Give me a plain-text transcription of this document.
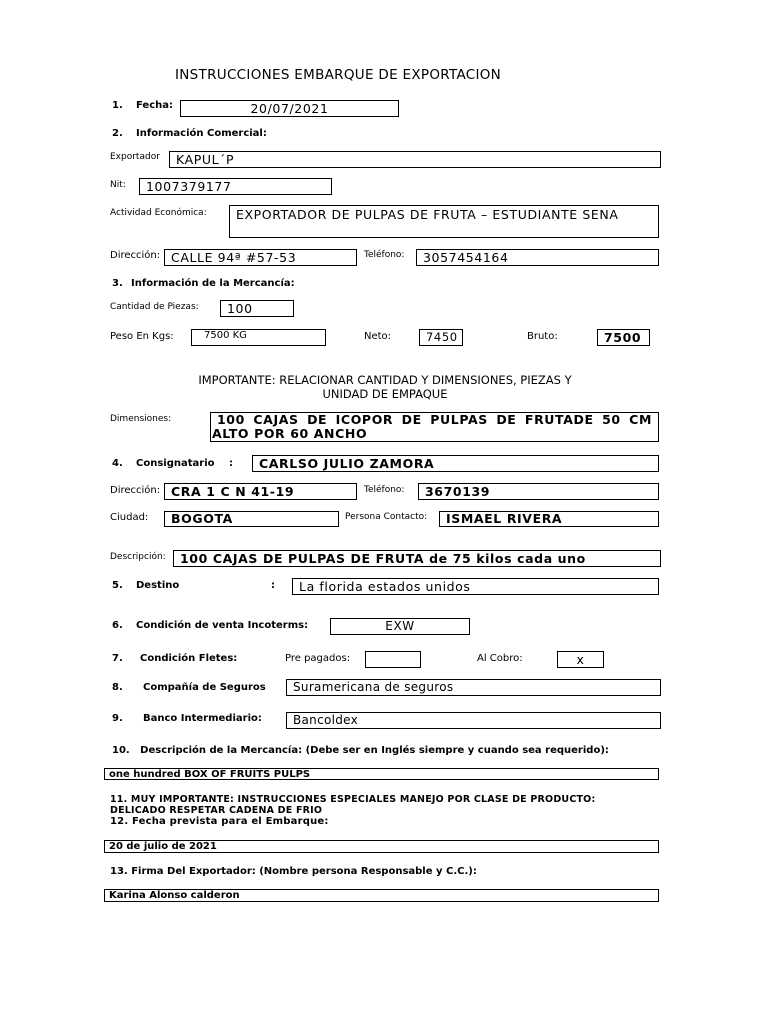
INSTRUCCIONES EMBARQUE DE EXPORTACION
1. Fecha:	20/07/2021
2. Información Comercial:
Exportador	KAPUL´P
Nit:	1007379177
Actividad Económica:	EXPORTADOR DE PULPAS DE FRUTA – ESTUDIANTE SENA
Dirección: CALLE 94ª #57-53	Teléfono:	3057454164
3. Información de la Mercancía:
Cantidad de Piezas:	100
Peso En Kgs:	7500 KG	Neto:	7450	Bruto:	7500
IMPORTANTE: RELACIONAR CANTIDAD Y DIMENSIONES, PIEZAS Y
UNIDAD DE EMPAQUE
Dimensiones:	100 CAJAS DE ICOPOR DE PULPAS DE FRUTADE 50 CM
ALTO POR 60 ANCHO
4. Consignatario :	CARLSO JULIO ZAMORA
Dirección: CRA 1 C N 41-19	Teléfono:	3670139
Ciudad:	BOGOTA	Persona Contacto:	ISMAEL RIVERA
Descripción:	100 CAJAS DE PULPAS DE FRUTA de 75 kilos cada uno
5. Destino	:	La florida estados unidos
6. Condición de venta Incoterms:	EXW
7. Condición Fletes:	Pre pagados:	Al Cobro:	x
8. Compañía de Seguros	Suramericana de seguros
9. Banco Intermediario:	Bancoldex
10.   Descripción de la Mercancía: (Debe ser en Inglés siempre y cuando sea requerido):
one hundred BOX OF FRUITS PULPS
11. MUY IMPORTANTE: INSTRUCCIONES ESPECIALES MANEJO POR CLASE DE PRODUCTO:
DELICADO RESPETAR CADENA DE FRIO
12. Fecha prevista para el Embarque:
20 de julio de 2021
13. Firma Del Exportador: (Nombre persona Responsable y C.C.):
Karina Alonso calderon
